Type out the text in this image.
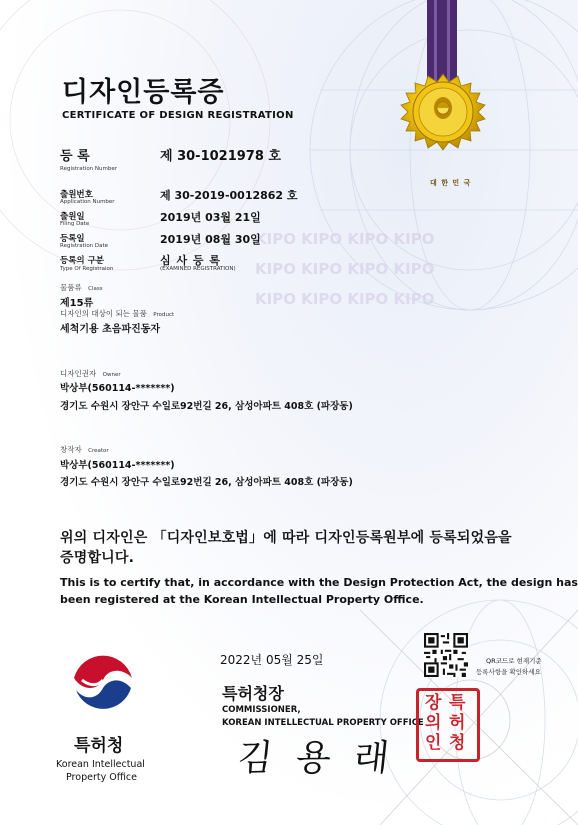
KIPO KIPO KIPO KIPO
KIPO KIPO KIPO KIPO
KIPO KIPO KIPO KIPO
디자인등록증
CERTIFICATE OF DESIGN REGISTRATION
대 한 민 국
등 록
Registration Number
제 30-1021978 호
출원번호
Application Number	제 30-2019-0012862 호
출원일
Filing Date	2019년 03월 21일
등록일
Registration Date	2019년 08월 30일
등록의 구분
Type Of Registraion
심 사 등 록
(EXAMINED REGISTRATION)
물품류 Class
제15류
디자인의 대상이 되는 물품 Product
세척기용 초음파진동자
디자인권자 Owner
박상부(560114-*******)
경기도 수원시 장안구 수일로92번길 26, 삼성아파트 408호 (파장동)
창작자 Creator
박상부(560114-*******)
경기도 수원시 장안구 수일로92번길 26, 삼성아파트 408호 (파장동)
위의 디자인은 「디자인보호법」에 따라 디자인등록원부에 등록되었음을
증명합니다.
This is to certify that, in accordance with the Design Protection Act, the design has
been registered at the Korean Intellectual Property Office.
2022년 05월 25일	QR코드로 현재기준
등록사항을 확인하세요
특허청장
COMMISSIONER,
KOREAN INTELLECTUAL PROPERTY OFFICE
김 용 래
특
허
청
장
의
인
특허청
Korean Intellectual
Property Office
